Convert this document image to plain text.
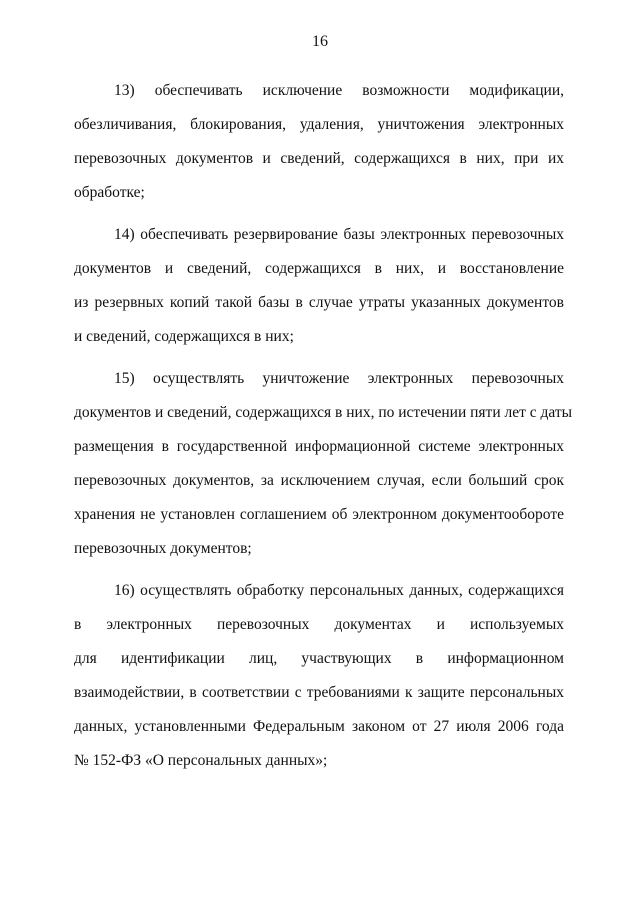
16
13) обеспечивать исключение возможности модификации,
обезличивания, блокирования, удаления, уничтожения электронных
перевозочных документов и сведений, содержащихся в них, при их
обработке;
14) обеспечивать резервирование базы электронных перевозочных
документов и сведений, содержащихся в них, и восстановление
из резервных копий такой базы в случае утраты указанных документов
и сведений, содержащихся в них;
15) осуществлять уничтожение электронных перевозочных
документов и сведений, содержащихся в них, по истечении пяти лет с даты
размещения в государственной информационной системе электронных
перевозочных документов, за исключением случая, если больший срок
хранения не установлен соглашением об электронном документообороте
перевозочных документов;
16) осуществлять обработку персональных данных, содержащихся
в электронных перевозочных документах и используемых
для идентификации лиц, участвующих в информационном
взаимодействии, в соответствии с требованиями к защите персональных
данных, установленными Федеральным законом от 27 июля 2006 года
№ 152-ФЗ «О персональных данных»;
